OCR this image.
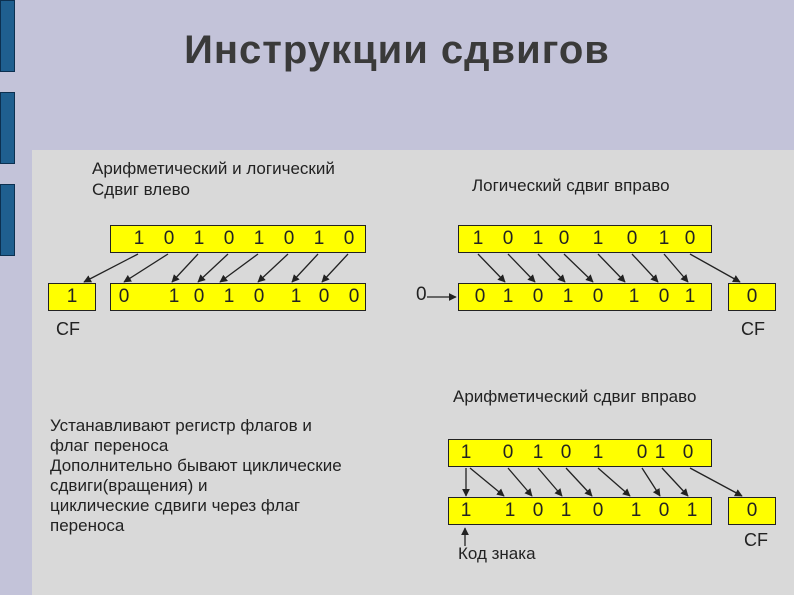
Инструкции сдвигов
Арифметический и логический
Сдвиг влево	Логический сдвиг вправо
Арифметический сдвиг вправо
1 0 1 0 1 0 1 0
1 0 1 0 1 0 1 0 0
CF
1 0 1 0 1 0 1 0
0	0 1 0 1 0 1 0 1	0
CF
1 0 1 0 1 0 1 0
1 1 0 1 0 1 0 1	0
CF
Код знака
Устанавливают регистр флагов и
флаг переноса
Дополнительно бывают циклические
сдвиги(вращения) и
циклические сдвиги через флаг
переноса
